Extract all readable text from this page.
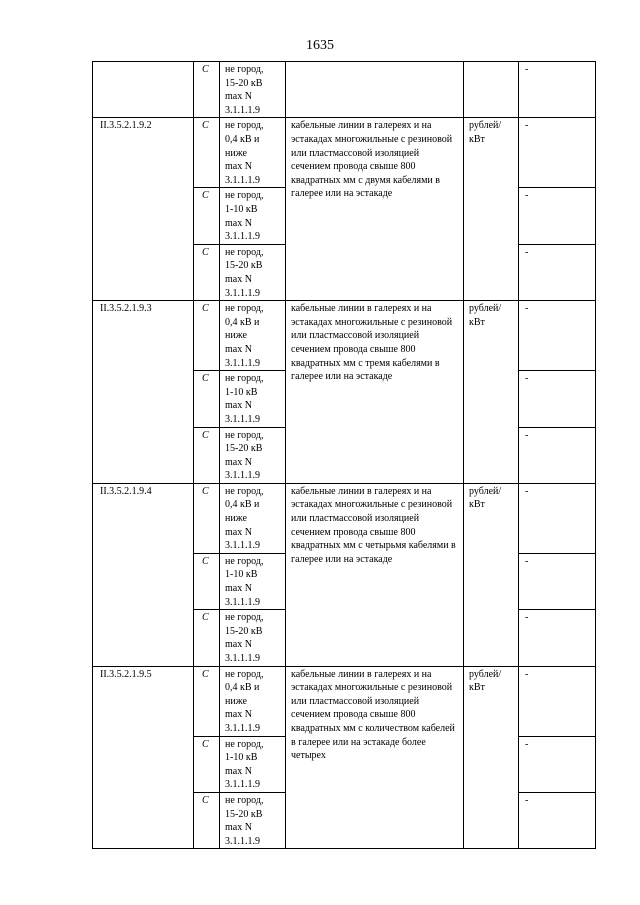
1635
	C	не город,
15-20 кВ
max N
3.1.1.1.9			-
II.3.5.2.1.9.2	C	не город,
0,4 кВ и
ниже
max N
3.1.1.1.9	кабельные линии в галереях и на эстакадах многожильные с резиновой или пластмассовой изоляцией сечением провода свыше 800 квадратных мм с двумя кабелями в галерее или на эстакаде	рублей/ кВт	-
	C	не город,
1-10 кВ
max N
3.1.1.1.9			-
	C	не город,
15-20 кВ
max N
3.1.1.1.9			-
II.3.5.2.1.9.3	C	не город,
0,4 кВ и
ниже
max N
3.1.1.1.9	кабельные линии в галереях и на эстакадах многожильные с резиновой или пластмассовой изоляцией сечением провода свыше 800 квадратных мм с тремя кабелями в галерее или на эстакаде	рублей/ кВт	-
	C	не город,
1-10 кВ
max N
3.1.1.1.9			-
	C	не город,
15-20 кВ
max N
3.1.1.1.9			-
II.3.5.2.1.9.4	C	не город,
0,4 кВ и
ниже
max N
3.1.1.1.9	кабельные линии в галереях и на эстакадах многожильные с резиновой или пластмассовой изоляцией сечением провода свыше 800 квадратных мм с четырьмя кабелями в галерее или на эстакаде	рублей/ кВт	-
	C	не город,
1-10 кВ
max N
3.1.1.1.9			-
	C	не город,
15-20 кВ
max N
3.1.1.1.9			-
II.3.5.2.1.9.5	C	не город,
0,4 кВ и
ниже
max N
3.1.1.1.9	кабельные линии в галереях и на эстакадах многожильные с резиновой или пластмассовой изоляцией сечением провода свыше 800 квадратных мм с количеством кабелей в галерее или на эстакаде более четырех	рублей/ кВт	-
	C	не город,
1-10 кВ
max N
3.1.1.1.9			-
	C	не город,
15-20 кВ
max N
3.1.1.1.9			-
